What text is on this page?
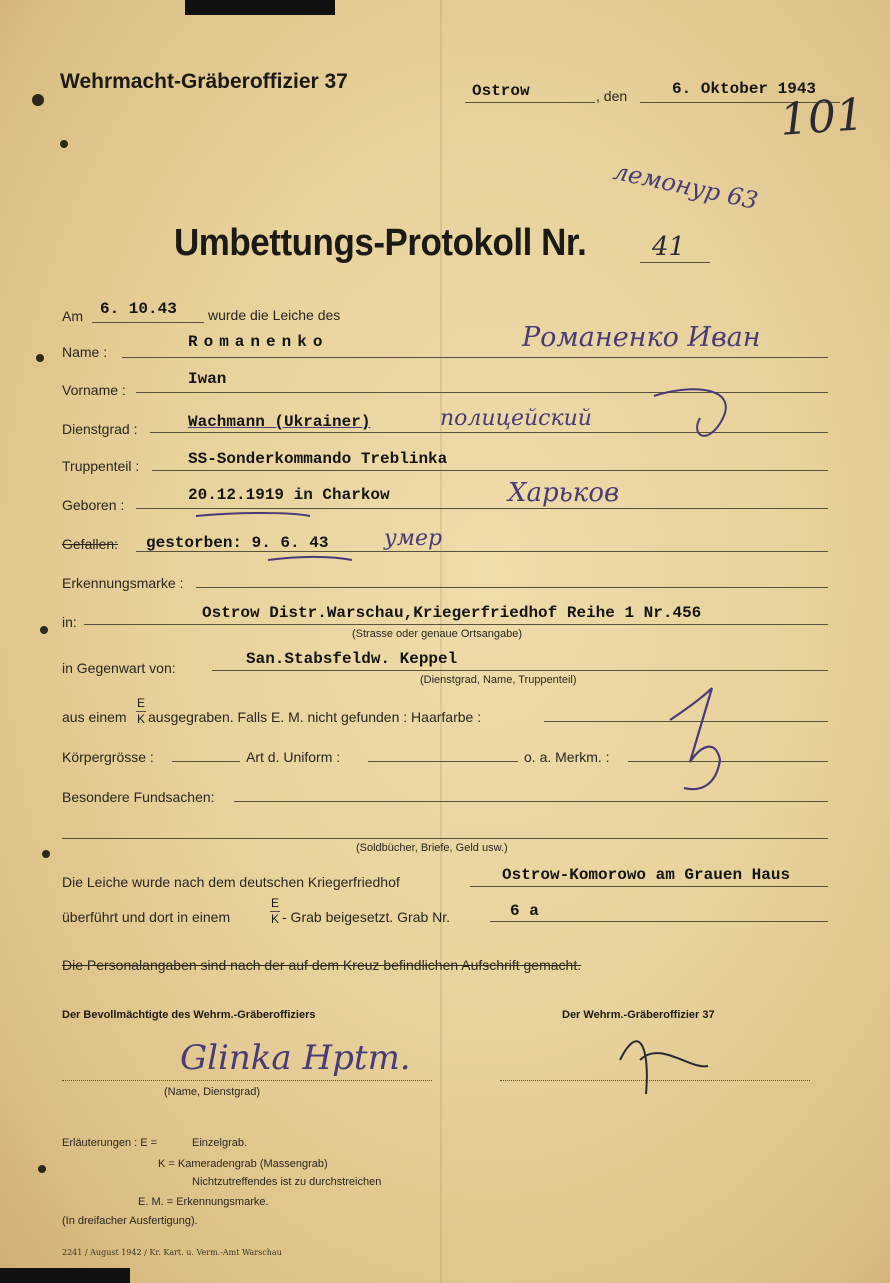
Wehrmacht-Gräberoffizier 37	Ostrow	, den	6. Oktober 1943
101
лемонур 63
Umbettungs-Protokoll Nr.	41
Am 6. 10.43 wurde die Leiche des
Name :
Romanenko	Романенко Иван
Vorname :
Iwan
Dienstgrad :	Wachmann (Ukrainer)	полицейский
Truppenteil :	SS-Sonderkommando Treblinka
Geboren :
20.12.1919 in Charkow	Харьков
Gefallen: gestorben: 9. 6. 43	умер
Erkennungsmarke :
in:	Ostrow Distr.Warschau,Kriegerfriedhof Reihe 1 Nr.456
(Strasse oder genaue Ortsangabe)
in Gegenwart von:	San.Stabsfeldw. Keppel
(Dienstgrad, Name, Truppenteil)
aus einem
E
K ausgegraben. Falls E. M. nicht gefunden : Haarfarbe :
Körpergrösse :	Art d. Uniform :	o. a. Merkm. :
Besondere Fundsachen:
(Soldbücher, Briefe, Geld usw.)
Die Leiche wurde nach dem deutschen Kriegerfriedhof	Ostrow-Komorowo am Grauen Haus
überführt und dort in einem
E
K - Grab beigesetzt. Grab Nr.	6 a
Die Personalangaben sind nach der auf dem Kreuz befindlichen Aufschrift gemacht.
Der Bevollmächtigte des Wehrm.-Gräberoffiziers
Glinka Hptm.
(Name, Dienstgrad)
Der Wehrm.-Gräberoffizier 37
Erläuterungen : E =	Einzelgrab.
K = Kameradengrab (Massengrab)
Nichtzutreffendes ist zu durchstreichen
E. M. = Erkennungsmarke.
(In dreifacher Ausfertigung).
2241 / August 1942 / Kr. Kart. u. Verm.-Amt Warschau
